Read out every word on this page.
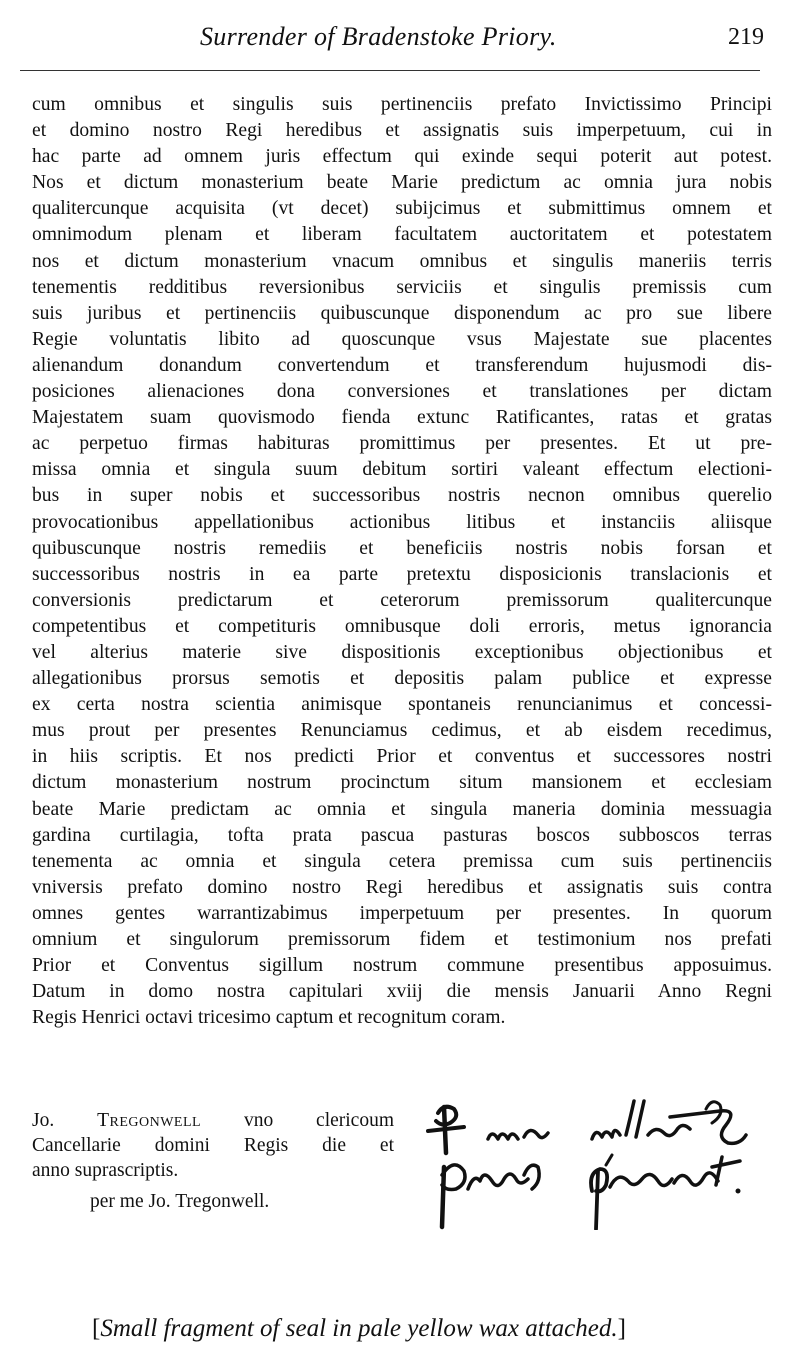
Surrender of Bradenstoke Priory.	219
cum omnibus et singulis suis pertinenciis prefato Invictissimo Principi
et domino nostro Regi heredibus et assignatis suis imperpetuum, cui in
hac parte ad omnem juris effectum qui exinde sequi poterit aut potest.
Nos et dictum monasterium beate Marie predictum ac omnia jura nobis
qualitercunque acquisita (vt decet) subijcimus et submittimus omnem et
omnimodum plenam et liberam facultatem auctoritatem et potestatem
nos et dictum monasterium vnacum omnibus et singulis maneriis terris
tenementis redditibus reversionibus serviciis et singulis premissis cum
suis juribus et pertinenciis quibuscunque disponendum ac pro sue libere
Regie voluntatis libito ad quoscunque vsus Majestate sue placentes
alienandum donandum convertendum et transferendum hujusmodi dis-
posiciones alienaciones dona conversiones et translationes per dictam
Majestatem suam quovismodo fienda extunc Ratificantes, ratas et gratas
ac perpetuo firmas habituras promittimus per presentes. Et ut pre-
missa omnia et singula suum debitum sortiri valeant effectum electioni-
bus in super nobis et successoribus nostris necnon omnibus querelio
provocationibus appellationibus actionibus litibus et instanciis aliisque
quibuscunque nostris remediis et beneficiis nostris nobis forsan et
successoribus nostris in ea parte pretextu disposicionis translacionis et
conversionis predictarum et ceterorum premissorum qualitercunque
competentibus et competituris omnibusque doli erroris, metus ignorancia
vel alterius materie sive dispositionis exceptionibus objectionibus et
allegationibus prorsus semotis et depositis palam publice et expresse
ex certa nostra scientia animisque spontaneis renuncianimus et concessi-
mus prout per presentes Renunciamus cedimus, et ab eisdem recedimus,
in hiis scriptis. Et nos predicti Prior et conventus et successores nostri
dictum monasterium nostrum procinctum situm mansionem et ecclesiam
beate Marie predictam ac omnia et singula maneria dominia messuagia
gardina curtilagia, tofta prata pascua pasturas boscos subboscos terras
tenementa ac omnia et singula cetera premissa cum suis pertinenciis
vniversis prefato domino nostro Regi heredibus et assignatis suis contra
omnes gentes warrantizabimus imperpetuum per presentes. In quorum
omnium et singulorum premissorum fidem et testimonium nos prefati
Prior et Conventus sigillum nostrum commune presentibus apposuimus.
Datum in domo nostra capitulari xviij die mensis Januarii Anno Regni
Regis Henrici octavi tricesimo captum et recognitum coram.
Jo. Tregonwell vno clericoum
Cancellarie domini Regis die et
anno suprascriptis.
per me Jo. Tregonwell.
[Small fragment of seal in pale yellow wax attached.]
